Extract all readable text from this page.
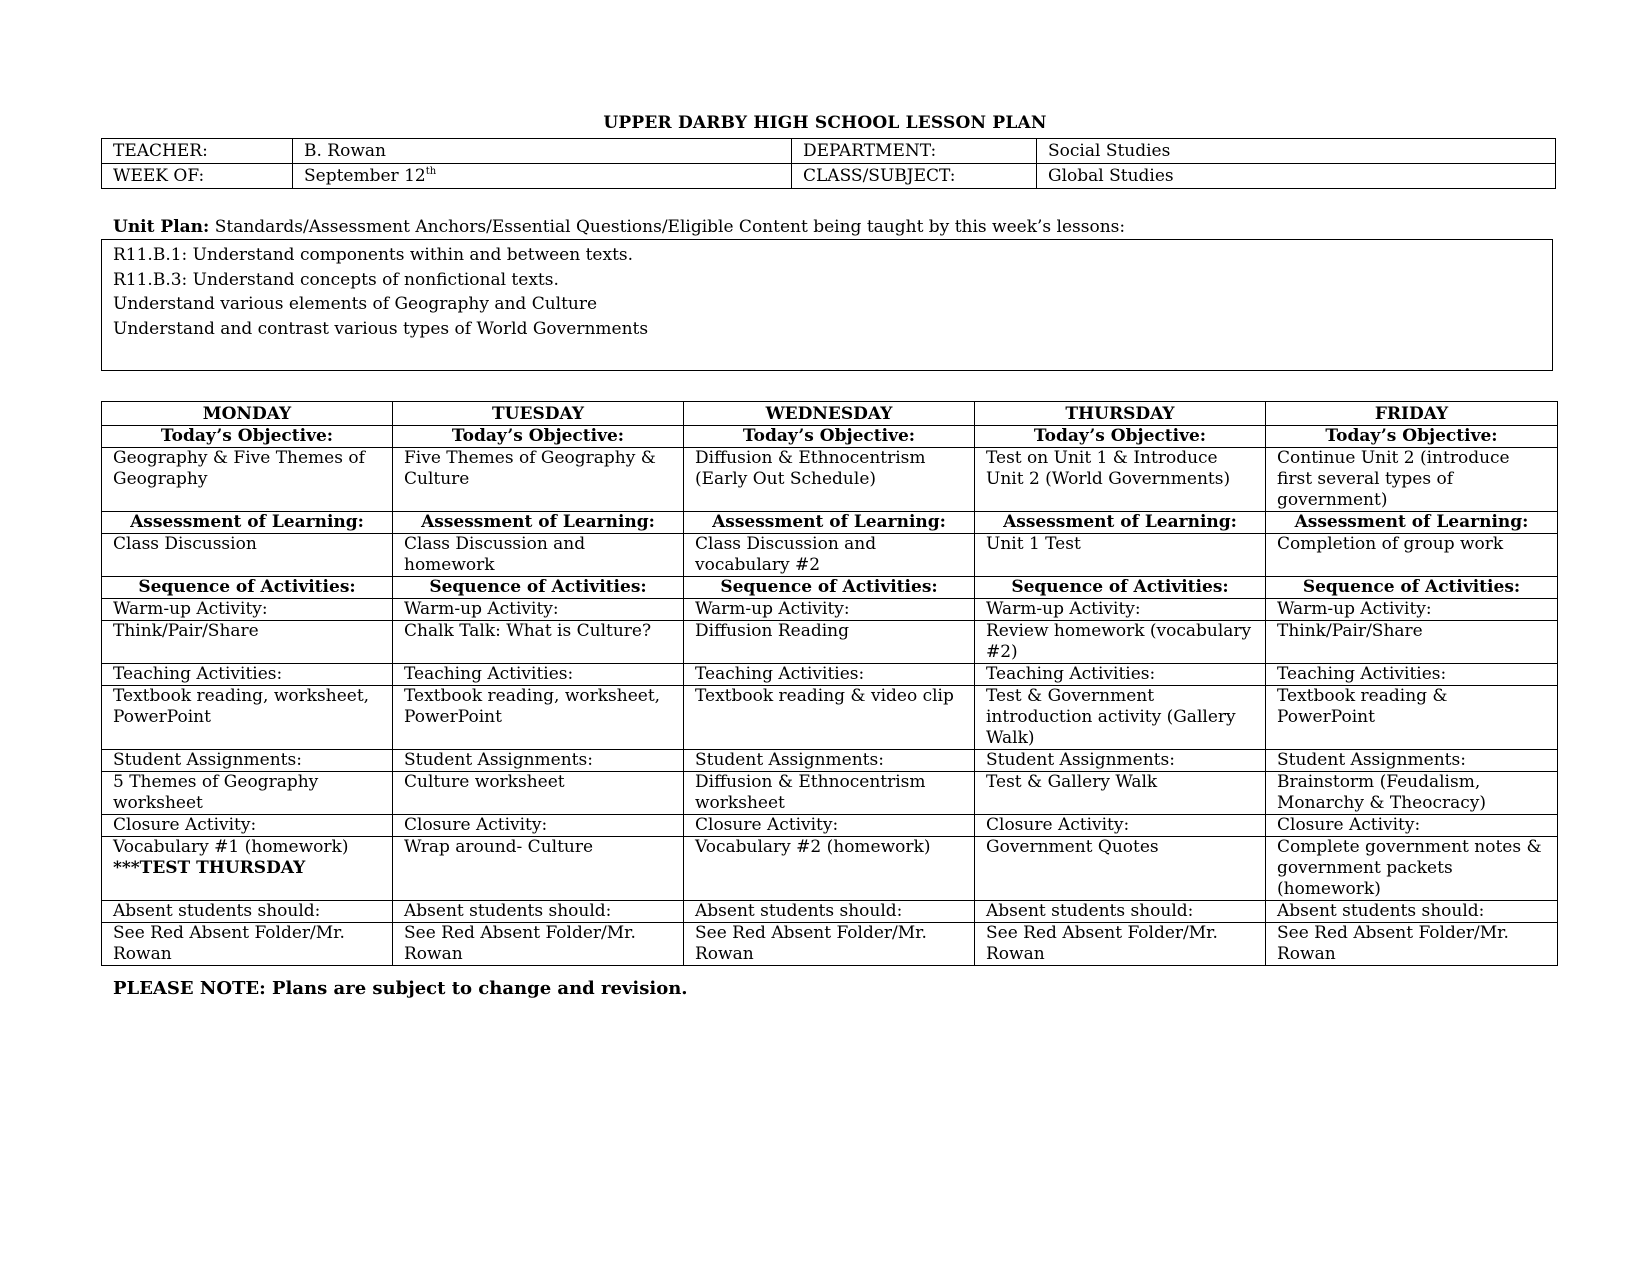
UPPER DARBY HIGH SCHOOL LESSON PLAN
TEACHER:	B. Rowan	DEPARTMENT:	Social Studies
WEEK OF:	September 12th	CLASS/SUBJECT:	Global Studies
Unit Plan: Standards/Assessment Anchors/Essential Questions/Eligible Content being taught by this week’s lessons:
R11.B.1: Understand components within and between texts.
R11.B.3: Understand concepts of nonfictional texts.
Understand various elements of Geography and Culture
Understand and contrast various types of World Governments
MONDAY	TUESDAY	WEDNESDAY	THURSDAY	FRIDAY
Today’s Objective:	Today’s Objective:	Today’s Objective:	Today’s Objective:	Today’s Objective:
Geography & Five Themes of Geography	Five Themes of Geography & Culture	Diffusion & Ethnocentrism (Early Out Schedule)	Test on Unit 1 & Introduce Unit 2 (World Governments)	Continue Unit 2 (introduce first several types of government)
Assessment of Learning:	Assessment of Learning:	Assessment of Learning:	Assessment of Learning:	Assessment of Learning:
Class Discussion	Class Discussion and homework	Class Discussion and vocabulary #2	Unit 1 Test	Completion of group work
Sequence of Activities:	Sequence of Activities:	Sequence of Activities:	Sequence of Activities:	Sequence of Activities:
Warm-up Activity:	Warm-up Activity:	Warm-up Activity:	Warm-up Activity:	Warm-up Activity:
Think/Pair/Share	Chalk Talk: What is Culture?	Diffusion Reading	Review homework (vocabulary #2)	Think/Pair/Share
Teaching Activities:	Teaching Activities:	Teaching Activities:	Teaching Activities:	Teaching Activities:
Textbook reading, worksheet, PowerPoint	Textbook reading, worksheet, PowerPoint	Textbook reading & video clip	Test & Government introduction activity (Gallery Walk)	Textbook reading & PowerPoint
Student Assignments:	Student Assignments:	Student Assignments:	Student Assignments:	Student Assignments:
5 Themes of Geography worksheet	Culture worksheet	Diffusion & Ethnocentrism worksheet	Test & Gallery Walk	Brainstorm (Feudalism, Monarchy & Theocracy)
Closure Activity:	Closure Activity:	Closure Activity:	Closure Activity:	Closure Activity:
Vocabulary #1 (homework)
***TEST THURSDAY	Wrap around- Culture	Vocabulary #2 (homework)	Government Quotes	Complete government notes & government packets (homework)
Absent students should:	Absent students should:	Absent students should:	Absent students should:	Absent students should:
See Red Absent Folder/Mr. Rowan	See Red Absent Folder/Mr. Rowan	See Red Absent Folder/Mr. Rowan	See Red Absent Folder/Mr. Rowan	See Red Absent Folder/Mr. Rowan
PLEASE NOTE: Plans are subject to change and revision.
